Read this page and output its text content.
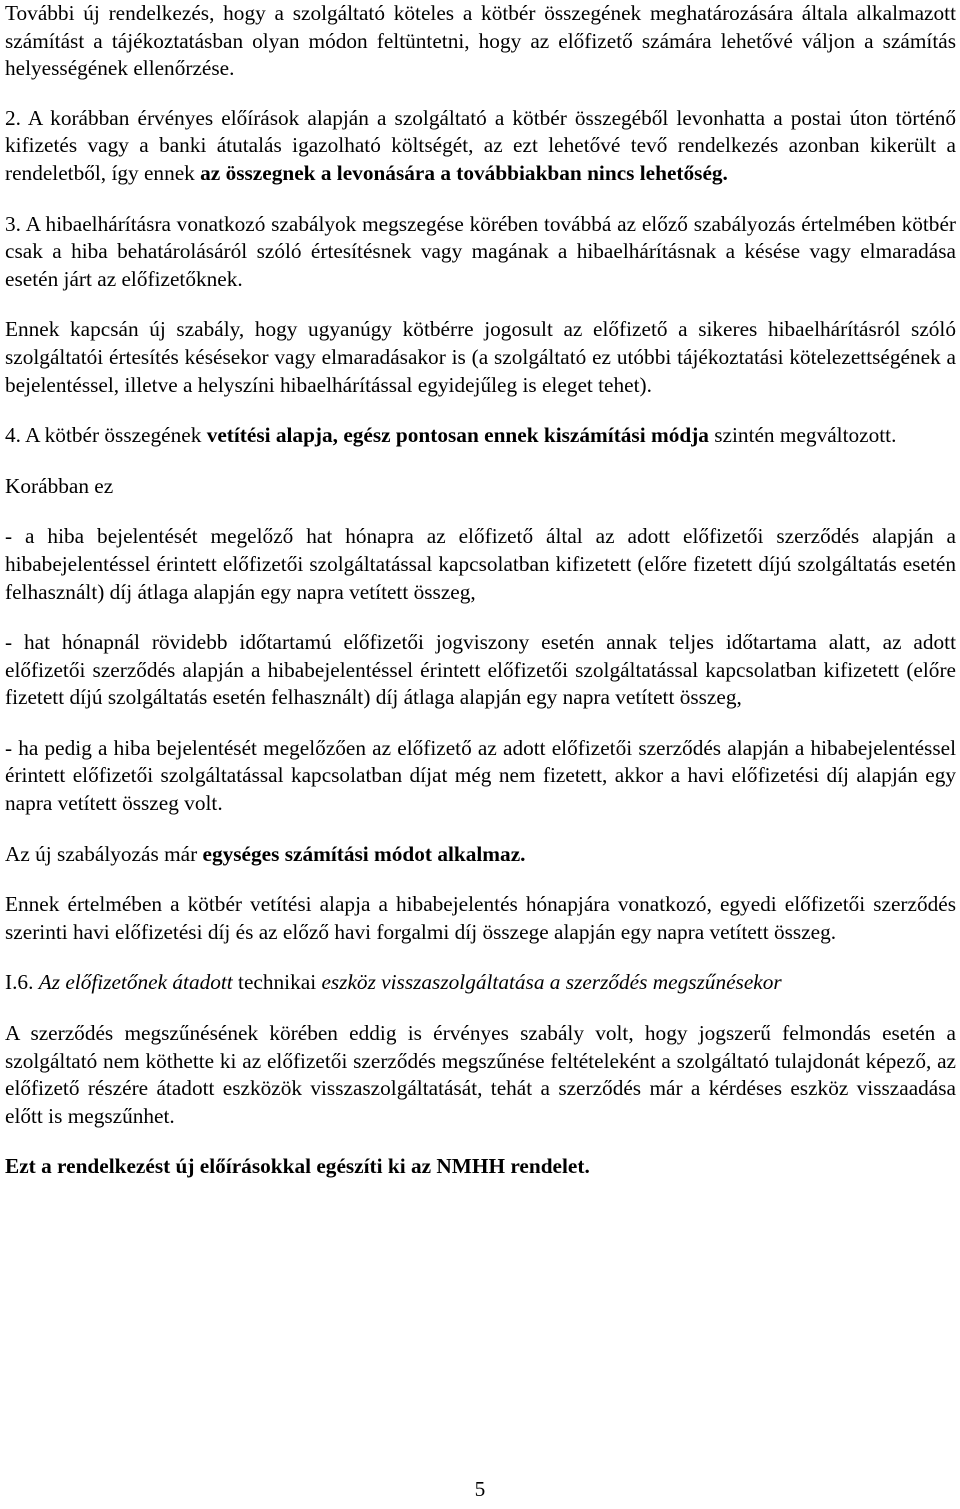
További új rendelkezés, hogy a szolgáltató köteles a kötbér összegének meghatározására általa alkalmazott számítást a tájékoztatásban olyan módon feltüntetni, hogy az előfizető számára lehetővé váljon a számítás helyességének ellenőrzése.

2. A korábban érvényes előírások alapján a szolgáltató a kötbér összegéből levonhatta a postai úton történő kifizetés vagy a banki átutalás igazolható költségét, az ezt lehetővé tevő rendelkezés azonban kikerült a rendeletből, így ennek az összegnek a levonására a továbbiakban nincs lehetőség.

3. A hibaelhárításra vonatkozó szabályok megszegése körében továbbá az előző szabályozás értelmében kötbér csak a hiba behatárolásáról szóló értesítésnek vagy magának a hibaelhárításnak a késése vagy elmaradása esetén járt az előfizetőknek.

Ennek kapcsán új szabály, hogy ugyanúgy kötbérre jogosult az előfizető a sikeres hibaelhárításról szóló szolgáltatói értesítés késésekor vagy elmaradásakor is (a szolgáltató ez utóbbi tájékoztatási kötelezettségének a bejelentéssel, illetve a helyszíni hibaelhárítással egyidejűleg is eleget tehet).

4. A kötbér összegének vetítési alapja, egész pontosan ennek kiszámítási módja szintén megváltozott.

Korábban ez

- a hiba bejelentését megelőző hat hónapra az előfizető által az adott előfizetői szerződés alapján a hibabejelentéssel érintett előfizetői szolgáltatással kapcsolatban kifizetett (előre fizetett díjú szolgáltatás esetén felhasznált) díj átlaga alapján egy napra vetített összeg,

- hat hónapnál rövidebb időtartamú előfizetői jogviszony esetén annak teljes időtartama alatt, az adott előfizetői szerződés alapján a hibabejelentéssel érintett előfizetői szolgáltatással kapcsolatban kifizetett (előre fizetett díjú szolgáltatás esetén felhasznált) díj átlaga alapján egy napra vetített összeg,

- ha pedig a hiba bejelentését megelőzően az előfizető az adott előfizetői szerződés alapján a hibabejelentéssel érintett előfizetői szolgáltatással kapcsolatban díjat még nem fizetett, akkor a havi előfizetési díj alapján egy napra vetített összeg volt.

Az új szabályozás már egységes számítási módot alkalmaz.

Ennek értelmében a kötbér vetítési alapja a hibabejelentés hónapjára vonatkozó, egyedi előfizetői szerződés szerinti havi előfizetési díj és az előző havi forgalmi díj összege alapján egy napra vetített összeg.

I.6. Az előfizetőnek átadott technikai eszköz visszaszolgáltatása a szerződés megszűnésekor

A szerződés megszűnésének körében eddig is érvényes szabály volt, hogy jogszerű felmondás esetén a szolgáltató nem köthette ki az előfizetői szerződés megszűnése feltételeként a szolgáltató tulajdonát képező, az előfizető részére átadott eszközök visszaszolgáltatását, tehát a szerződés már a kérdéses eszköz visszaadása előtt is megszűnhet.

Ezt a rendelkezést új előírásokkal egészíti ki az NMHH rendelet.

5
